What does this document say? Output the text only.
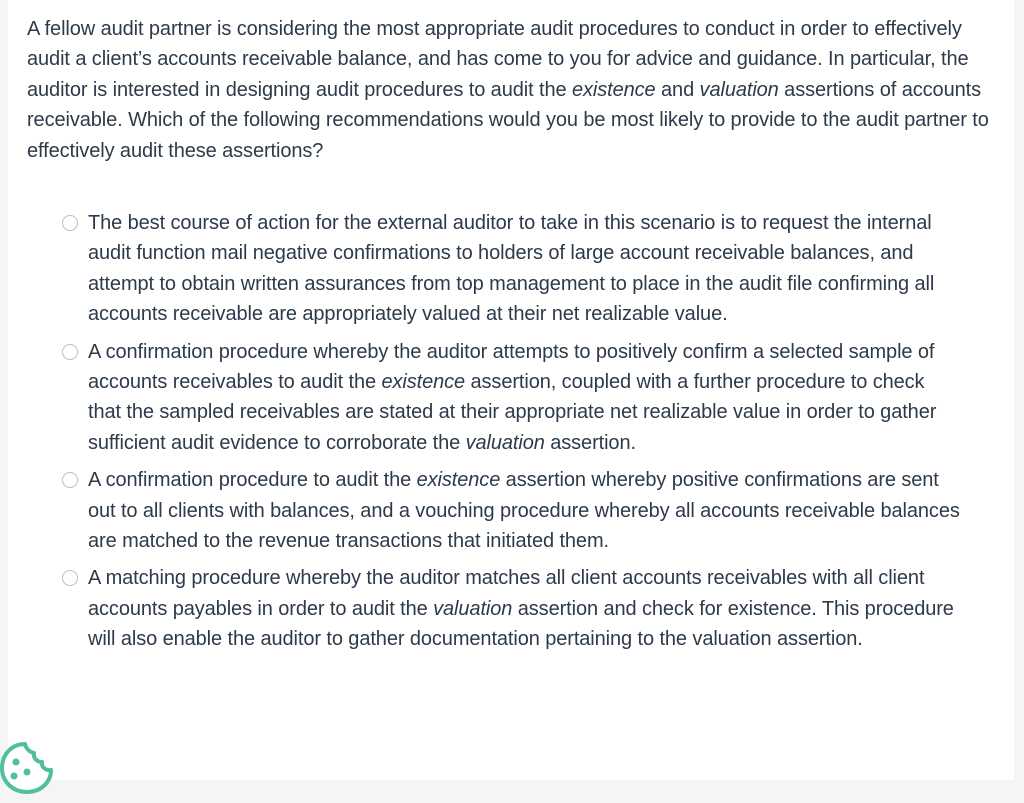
A fellow audit partner is considering the most appropriate audit procedures to conduct in order to effectively audit a client’s accounts receivable balance, and has come to you for advice and guidance. In particular, the auditor is interested in designing audit procedures to audit the existence and valuation assertions of accounts receivable. Which of the following recommendations would you be most likely to provide to the audit partner to effectively audit these assertions?
The best course of action for the external auditor to take in this scenario is to request the internal audit function mail negative confirmations to holders of large account receivable balances, and attempt to obtain written assurances from top management to place in the audit file confirming all accounts receivable are appropriately valued at their net realizable value.
A confirmation procedure whereby the auditor attempts to positively confirm a selected sample of accounts receivables to audit the existence assertion, coupled with a further procedure to check that the sampled receivables are stated at their appropriate net realizable value in order to gather sufficient audit evidence to corroborate the valuation assertion.
A confirmation procedure to audit the existence assertion whereby positive confirmations are sent out to all clients with balances, and a vouching procedure whereby all accounts receivable balances are matched to the revenue transactions that initiated them.
A matching procedure whereby the auditor matches all client accounts receivables with all client accounts payables in order to audit the valuation assertion and check for existence. This procedure will also enable the auditor to gather documentation pertaining to the valuation assertion.
